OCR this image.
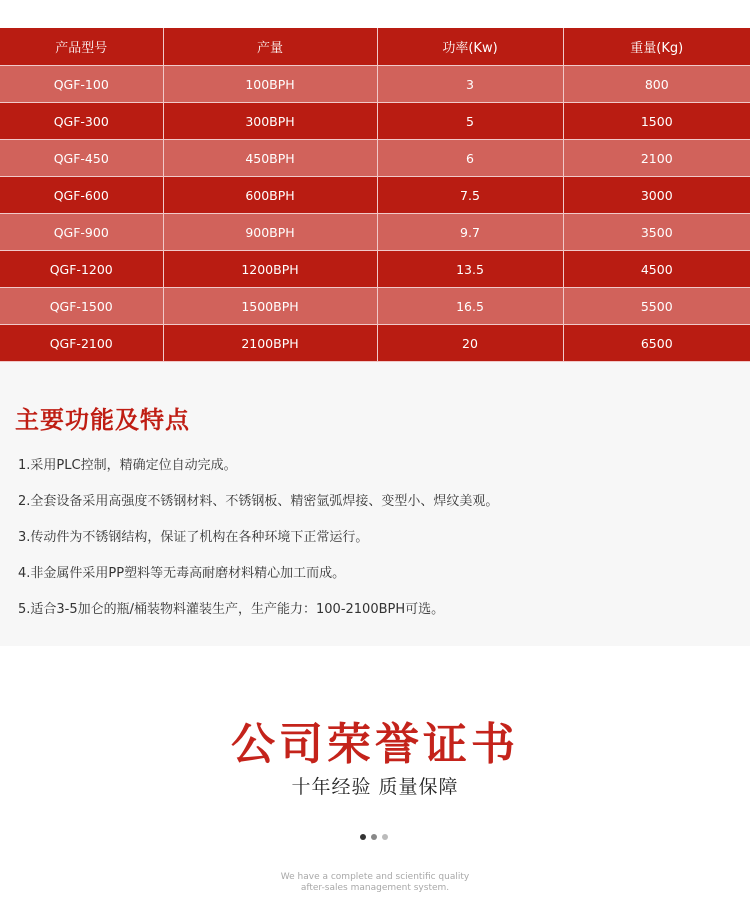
产品型号	产量	功率(Kw)	重量(Kg)
QGF-100	100BPH	3	800
QGF-300	300BPH	5	1500
QGF-450	450BPH	6	2100
QGF-600	600BPH	7.5	3000
QGF-900	900BPH	9.7	3500
QGF-1200	1200BPH	13.5	4500
QGF-1500	1500BPH	16.5	5500
QGF-2100	2100BPH	20	6500
主要功能及特点
1.采用PLC控制，精确定位自动完成。
2.全套设备采用高强度不锈钢材料、不锈钢板、精密氩弧焊接、变型小、焊纹美观。
3.传动件为不锈钢结构，保证了机构在各种环境下正常运行。
4.非金属件采用PP塑料等无毒高耐磨材料精心加工而成。
5.适合3-5加仑的瓶/桶装物料灌装生产，生产能力：100-2100BPH可选。
公司荣誉证书

十年经验 质量保障

We have a complete and scientific quality
after-sales management system.
